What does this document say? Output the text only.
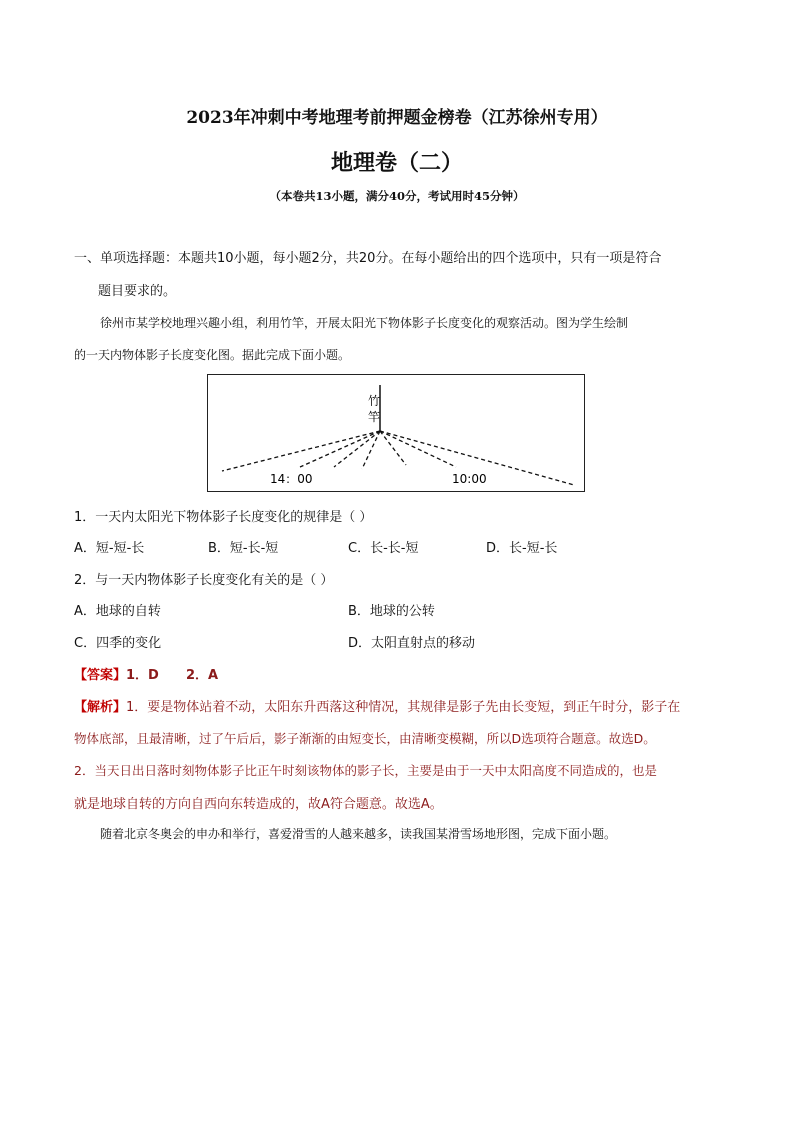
2023年冲刺中考地理考前押题金榜卷（江苏徐州专用）
地理卷（二）
（本卷共13小题，满分40分，考试用时45分钟）
一、单项选择题：本题共10小题，每小题2分，共20分。在每小题给出的四个选项中，只有一项是符合
题目要求的。
徐州市某学校地理兴趣小组，利用竹竿，开展太阳光下物体影子长度变化的观察活动。图为学生绘制
的一天内物体影子长度变化图。据此完成下面小题。
竹
竿
14：00	10:00
1．一天内太阳光下物体影子长度变化的规律是（ ）
A．短-短-长	B．短-长-短	C．长-长-短	D．长-短-长
2．与一天内物体影子长度变化有关的是（ ）
A．地球的自转	B．地球的公转
C．四季的变化	D．太阳直射点的移动
【答案】1．D      2．A
【解析】1．要是物体站着不动，太阳东升西落这种情况，其规律是影子先由长变短，到正午时分，影子在
物体底部，且最清晰，过了午后后，影子渐渐的由短变长，由清晰变模糊，所以D选项符合题意。故选D。
2．当天日出日落时刻物体影子比正午时刻该物体的影子长，主要是由于一天中太阳高度不同造成的，也是
就是地球自转的方向自西向东转造成的，故A符合题意。故选A。
随着北京冬奥会的申办和举行，喜爱滑雪的人越来越多，读我国某滑雪场地形图，完成下面小题。
